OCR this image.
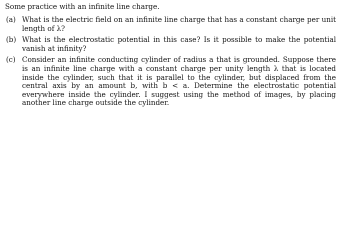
Some practice with an infinite line charge.

(a) What is the electric field on an infinite line charge that has a constant charge per unit length of λ?
(b) What is the electrostatic potential in this case? Is it possible to make the potential vanish at infinity?
(c) Consider an infinite conducting cylinder of radius a that is grounded. Suppose there is an infinite line charge with a constant charge per unity length λ that is located inside the cylinder, such that it is parallel to the cylinder, but displaced from the central axis by an amount b, with b < a. Determine the electrostatic potential everywhere inside the cylinder. I suggest using the method of images, by placing another line charge outside the cylinder.
